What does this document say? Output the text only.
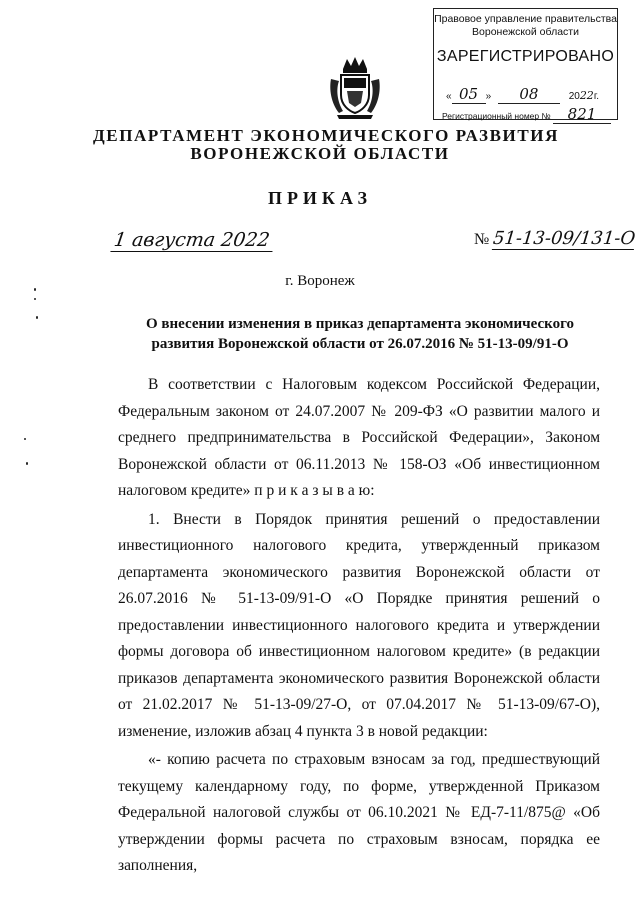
Правовое управление правительства
Воронежской области
ЗАРЕГИСТРИРОВАНО
« 05 » 08	2022г.
Регистрационный номер № 821
ДЕПАРТАМЕНТ ЭКОНОМИЧЕСКОГО РАЗВИТИЯ
ВОРОНЕЖСКОЙ ОБЛАСТИ
ПРИКАЗ
1 августа 2022	№ 51-13-09/131-О
г. Воронеж
О внесении изменения в приказ департамента экономического развития Воронежской области от 26.07.2016 № 51-13-09/91-О

В соответствии с Налоговым кодексом Российской Федерации, Федеральным законом от 24.07.2007 № 209-ФЗ «О развитии малого и среднего предпринимательства в Российской Федерации», Законом Воронежской области от 06.11.2013 № 158-ОЗ «Об инвестиционном налоговом кредите» п р и к а з ы в а ю:

1. Внести в Порядок принятия решений о предоставлении инвестиционного налогового кредита, утвержденный приказом департамента экономического развития Воронежской области от 26.07.2016 № 51-13-09/91-О «О Порядке принятия решений о предоставлении инвестиционного налогового кредита и утверждении формы договора об инвестиционном налоговом кредите» (в редакции приказов департамента экономического развития Воронежской области от 21.02.2017 № 51-13-09/27-О, от 07.04.2017 № 51-13-09/67-О), изменение, изложив абзац 4 пункта 3 в новой редакции:

«- копию расчета по страховым взносам за год, предшествующий текущему календарному году, по форме, утвержденной Приказом Федеральной налоговой службы от 06.10.2021 № ЕД-7-11/875@ «Об утверждении формы расчета по страховым взносам, порядка ее заполнения,
